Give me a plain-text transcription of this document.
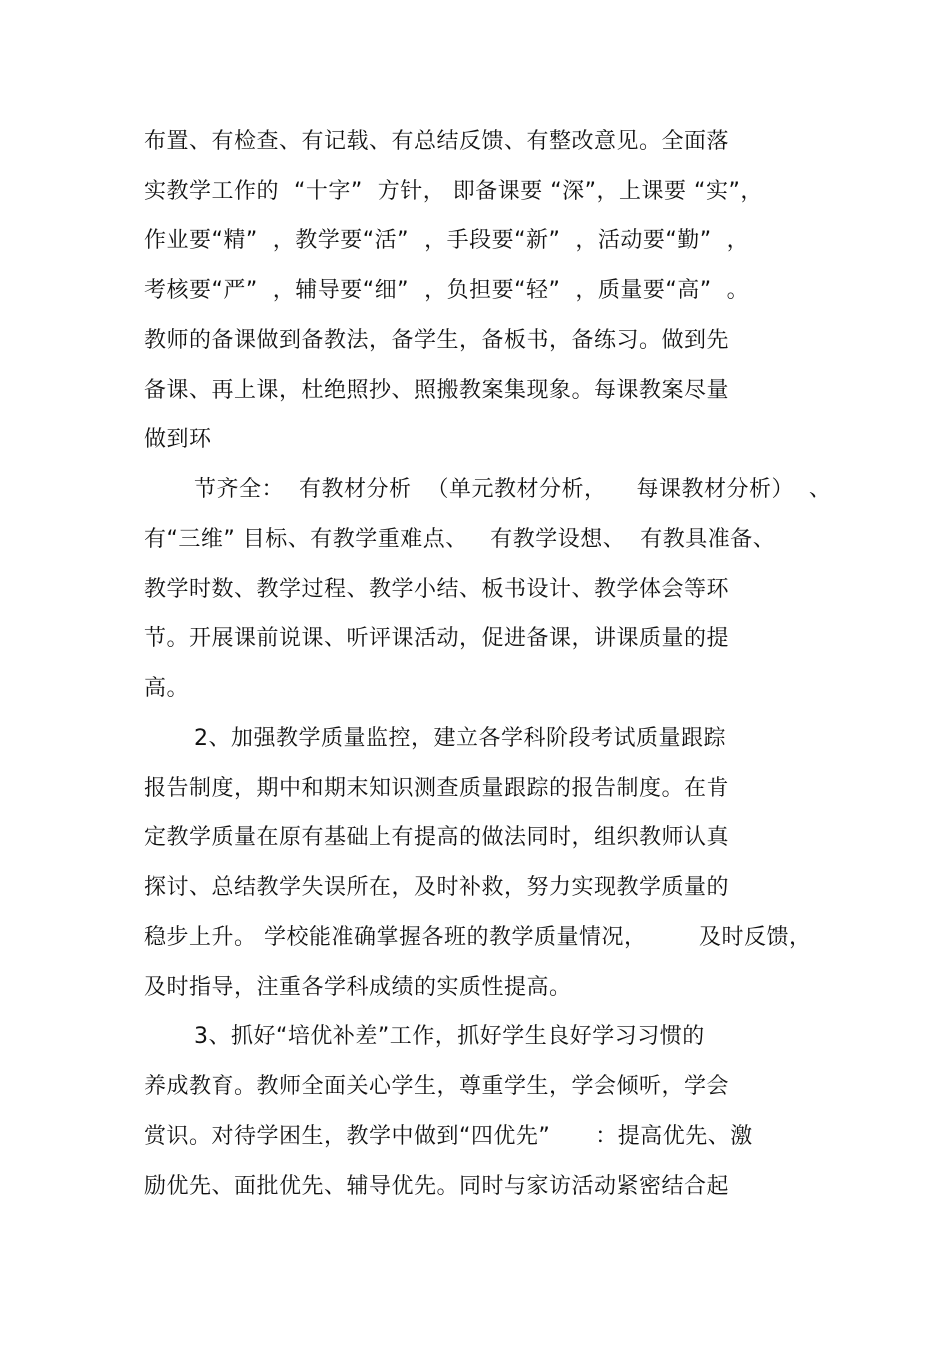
布置、有检查、有记载、有总结反馈、有整改意见。全面落
实教学工作的  “十字”  方针， 即备课要 “深”，上课要 “实”，
作业要“精”  ，教学要“活”  ，手段要“新”  ，活动要“勤”  ，
考核要“严”  ，辅导要“细”  ，负担要“轻”  ，质量要“高”  。
教师的备课做到备教法，备学生，备板书，备练习。做到先
备课、再上课，杜绝照抄、照搬教案集现象。每课教案尽量
做到环
节齐全：  有教材分析  （单元教材分析，    每课教材分析）  、
有“三维” 目标、有教学重难点、   有教学设想、  有教具准备、
教学时数、教学过程、教学小结、板书设计、教学体会等环
节。开展课前说课、听评课活动，促进备课，讲课质量的提
高。
2、加强教学质量监控，建立各学科阶段考试质量跟踪
报告制度，期中和期末知识测查质量跟踪的报告制度。在肯
定教学质量在原有基础上有提高的做法同时，组织教师认真
探讨、总结教学失误所在，及时补救，努力实现教学质量的
稳步上升。 学校能准确掌握各班的教学质量情况，       及时反馈，
及时指导，注重各学科成绩的实质性提高。
3、抓好“培优补差”工作，抓好学生良好学习习惯的
养成教育。教师全面关心学生，尊重学生，学会倾听，学会
赏识。对待学困生，教学中做到“四优先”      ：提高优先、激
励优先、面批优先、辅导优先。同时与家访活动紧密结合起
